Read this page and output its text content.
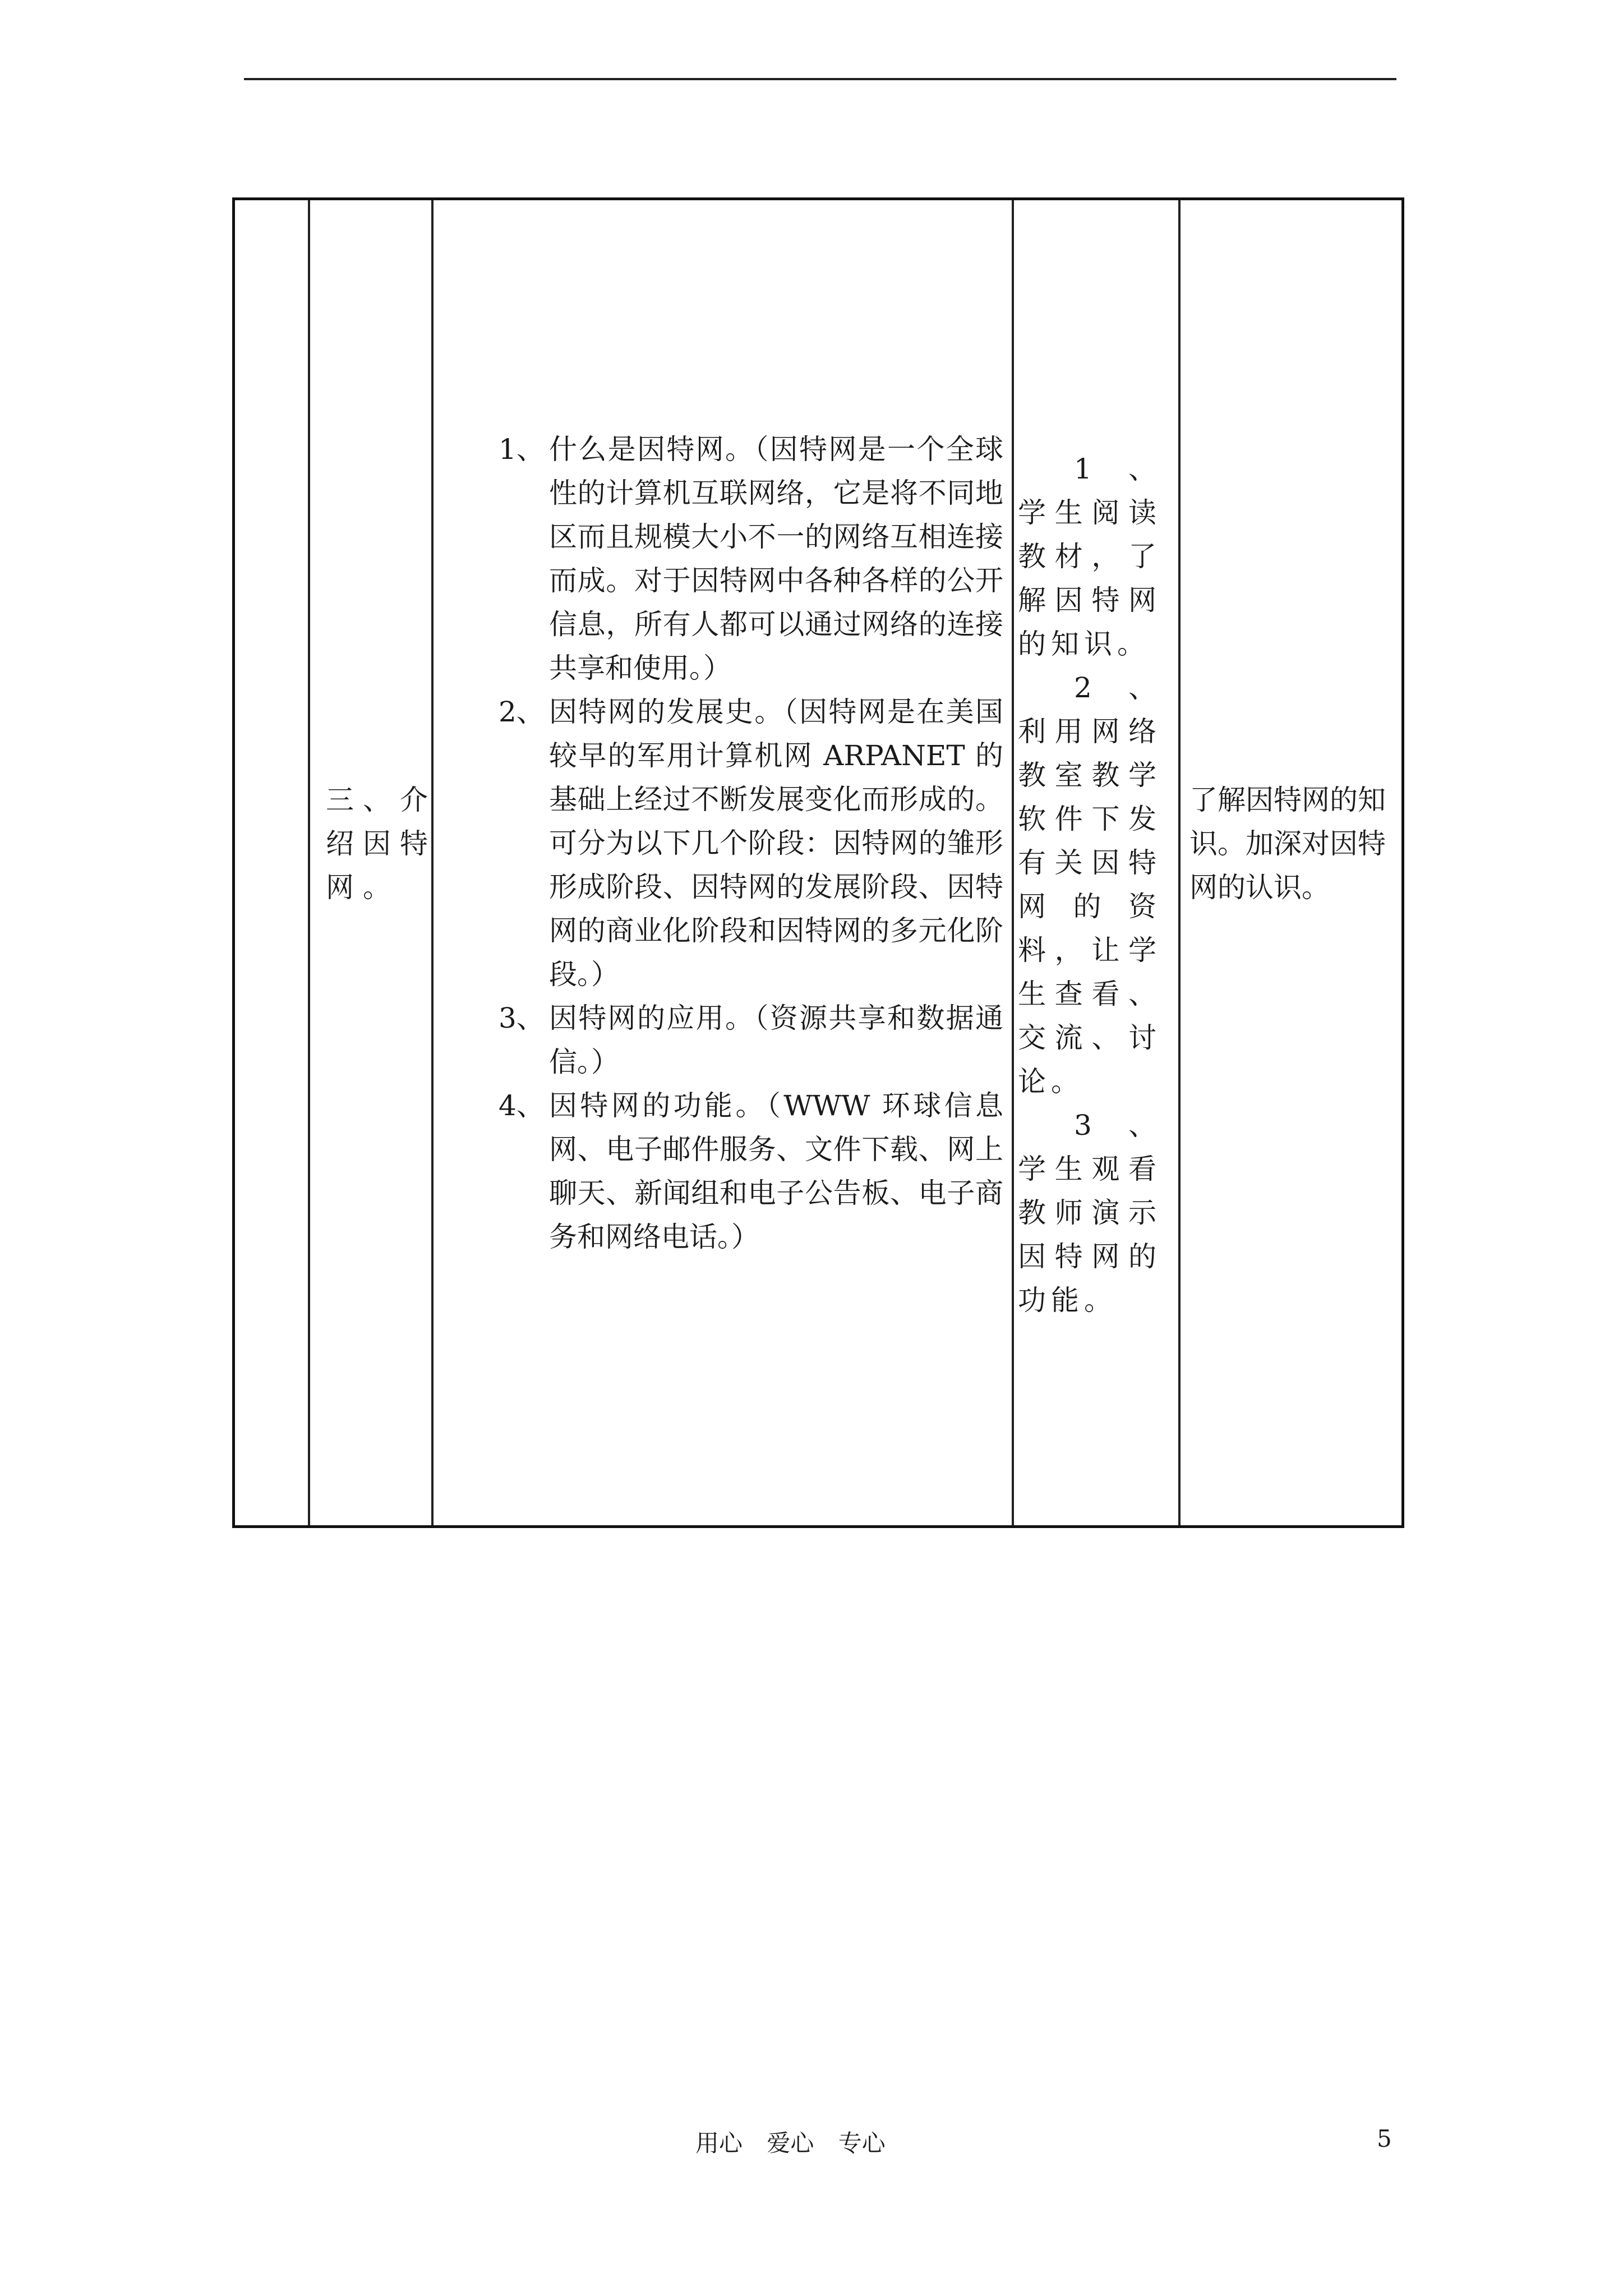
三、介绍因特网。
1、 什么是因特网。（因特网是一个全球性的计算机互联网络，它是将不同地区而且规模大小不一的网络互相连接而成。对于因特网中各种各样的公开信息，所有人都可以通过网络的连接共享和使用。）
2、 因特网的发展史。（因特网是在美国较早的军用计算机网 ARPANET 的基础上经过不断发展变化而形成的。可分为以下几个阶段：因特网的雏形形成阶段、因特网的发展阶段、因特网的商业化阶段和因特网的多元化阶段。）
3、 因特网的应用。（资源共享和数据通信。）
4、 因特网的功能。（WWW 环球信息网、电子邮件服务、文件下载、网上聊天、新闻组和电子公告板、电子商务和网络电话。）

1、学生阅读教材，了解因特网的知识。

2、利用网络教室教学软件下发有关因特网的资料，让学生查看、交流、讨论。

3、学生观看教师演示因特网的功能。

了解因特网的知识。加深对因特网的认识。
用心 爱心 专心	5
